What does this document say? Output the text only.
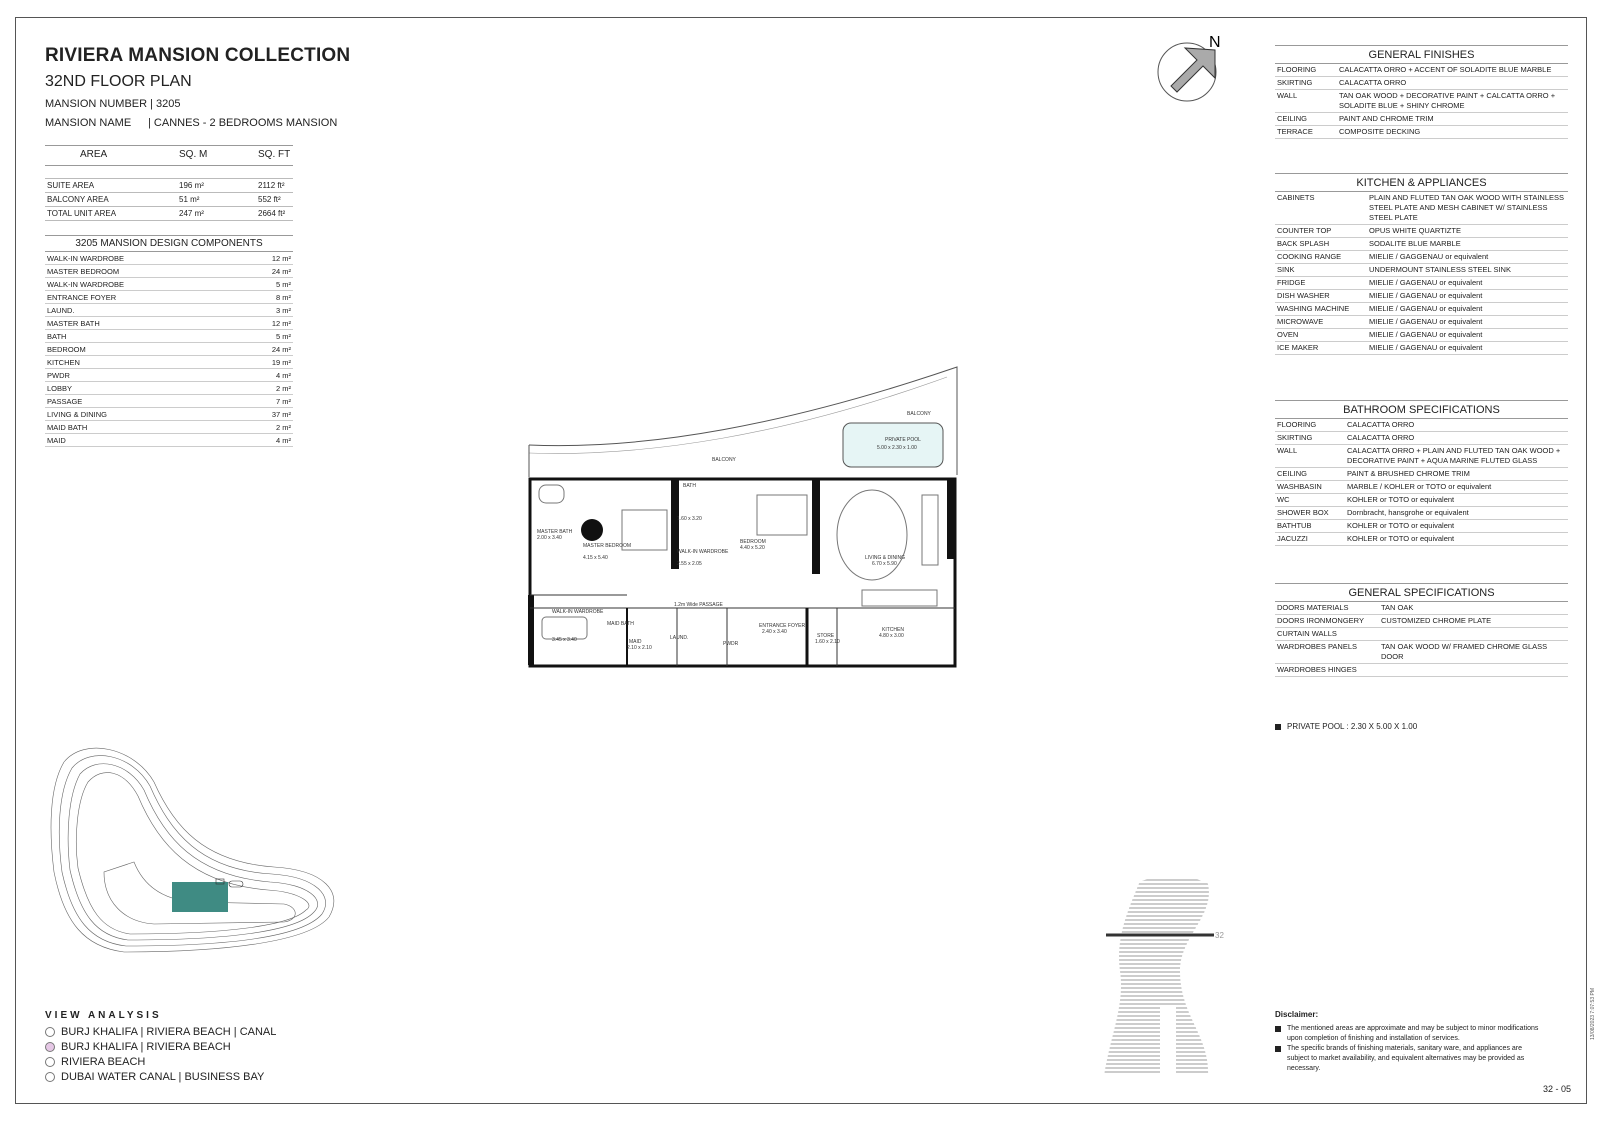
RIVIERA MANSION COLLECTION
32ND FLOOR PLAN
MANSION NUMBER | 3205
MANSION NAME | CANNES - 2 BEDROOMS MANSION
AREA	SQ. M	SQ. FT

SUITE AREA	196 m²	2112 ft²
BALCONY AREA	51 m²	552 ft²
TOTAL UNIT AREA	247 m²	2664 ft²
3205 MANSION DESIGN COMPONENTS
WALK-IN WARDROBE	12 m²
MASTER BEDROOM	24 m²
WALK-IN WARDROBE	5 m²
ENTRANCE FOYER	8 m²
LAUND.	3 m²
MASTER BATH	12 m²
BATH	5 m²
BEDROOM	24 m²
KITCHEN	19 m²
PWDR	4 m²
LOBBY	2 m²
PASSAGE	7 m²
LIVING & DINING	37 m²
MAID BATH	2 m²
MAID	4 m²
N
PRIVATE POOL
5.00 x 2.30 x 1.00
BALCONY
BALCONY
MASTER BATH
2.00 x 3.40
MASTER BEDROOM
4.15 x 5.40
BATH
1.60 x 3.20
WALK-IN WARDROBE
2.55 x 2.05
BEDROOM
4.40 x 5.20
LIVING & DINING
6.70 x 5.90
1.2m Wide PASSAGE
WALK-IN WARDROBE
3.45 x 3.40
MAID BATH
MAID
2.10 x 2.10
LAUND.
PWDR
ENTRANCE FOYER
2.40 x 3.40
STORE
1.60 x 2.10
KITCHEN
4.80 x 3.00
GENERAL FINISHES
FLOORING	CALACATTA ORRO + ACCENT OF SOLADITE BLUE MARBLE
SKIRTING	CALACATTA ORRO
WALL	TAN OAK WOOD + DECORATIVE PAINT + CALCATTA ORRO + SOLADITE BLUE + SHINY CHROME
CEILING	PAINT AND CHROME TRIM
TERRACE	COMPOSITE DECKING
KITCHEN & APPLIANCES
CABINETS	PLAIN AND FLUTED TAN OAK WOOD WITH STAINLESS STEEL PLATE AND MESH CABINET W/ STAINLESS STEEL PLATE
COUNTER TOP	OPUS WHITE QUARTIZTE
BACK SPLASH	SODALITE BLUE MARBLE
COOKING RANGE	MIELIE / GAGGENAU or equivalent
SINK	UNDERMOUNT STAINLESS STEEL SINK
FRIDGE	MIELIE / GAGENAU or equivalent
DISH WASHER	MIELIE / GAGENAU or equivalent
WASHING MACHINE	MIELIE / GAGENAU or equivalent
MICROWAVE	MIELIE / GAGENAU or equivalent
OVEN	MIELIE / GAGENAU or equivalent
ICE MAKER	MIELIE / GAGENAU or equivalent
BATHROOM SPECIFICATIONS
FLOORING	CALACATTA ORRO
SKIRTING	CALACATTA ORRO
WALL	CALACATTA ORRO + PLAIN AND FLUTED TAN OAK WOOD + DECORATIVE PAINT + AQUA MARINE FLUTED GLASS
CEILING	PAINT & BRUSHED CHROME TRIM
WASHBASIN	MARBLE / KOHLER or TOTO or equivalent
WC	KOHLER or TOTO or equivalent
SHOWER BOX	Dornbracht, hansgrohe or equivalent
BATHTUB	KOHLER or TOTO or equivalent
JACUZZI	KOHLER or TOTO or equivalent
GENERAL SPECIFICATIONS
DOORS MATERIALS	TAN OAK
DOORS IRONMONGERY	CUSTOMIZED CHROME PLATE
CURTAIN WALLS	
WARDROBES PANELS	TAN OAK WOOD W/ FRAMED CHROME GLASS DOOR
WARDROBES HINGES	
PRIVATE POOL : 2.30 X 5.00 X 1.00
VIEW ANALYSIS
BURJ KHALIFA | RIVIERA BEACH | CANAL
BURJ KHALIFA | RIVIERA BEACH
RIVIERA BEACH
DUBAI WATER CANAL | BUSINESS BAY
32
Disclaimer:
The mentioned areas are approximate and may be subject to minor modifications upon completion of finishing and installation of services.
The specific brands of finishing materials, sanitary ware, and appliances are subject to market availability, and equivalent alternatives may be provided as necessary.
32 - 05
13/08/2023 7:07:53 PM
